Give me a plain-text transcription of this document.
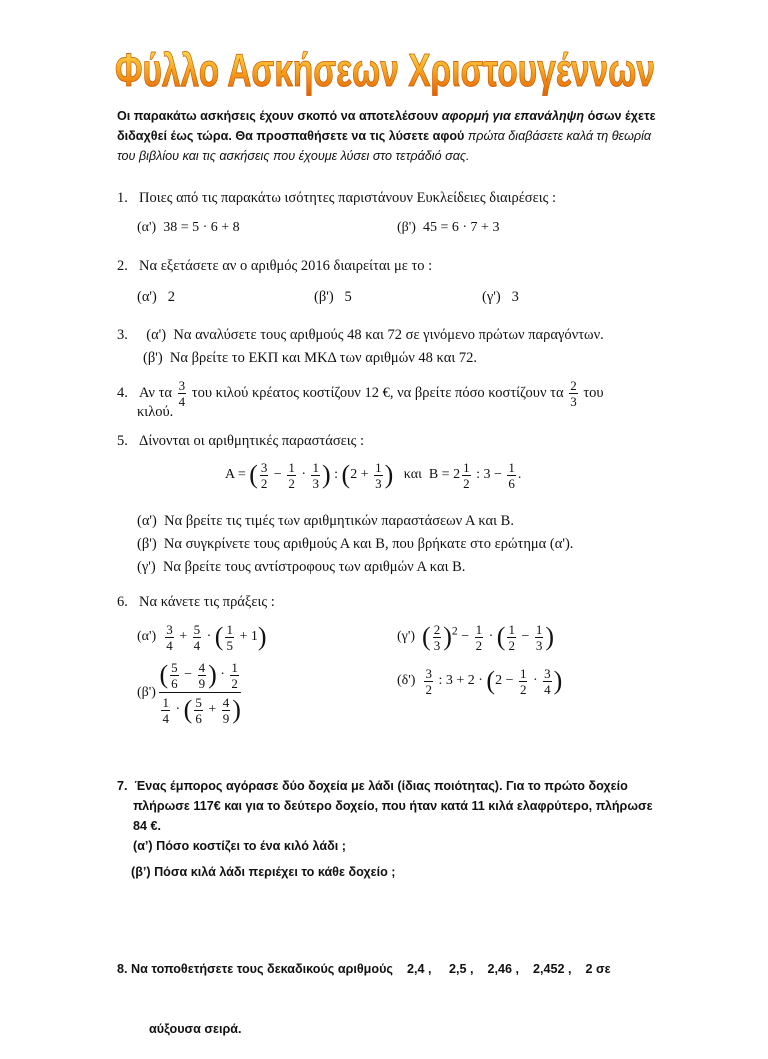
Φύλλο Ασκήσεων Χριστουγέννων
Οι παρακάτω ασκήσεις έχουν σκοπό να αποτελέσουν αφορμή για επανάληψη όσων έχετε διδαχθεί έως τώρα. Θα προσπαθήσετε να τις λύσετε αφού πρώτα διαβάσετε καλά τη θεωρία του βιβλίου και τις ασκήσεις που έχουμε λύσει στο τετράδιό σας.
1. Ποιες από τις παρακάτω ισότητες παριστάνουν Ευκλείδειες διαιρέσεις :
(α') 38 = 5 · 6 + 8	(β') 45 = 6 · 7 + 3
2. Να εξετάσετε αν ο αριθμός 2016 διαιρείται με το :
(α') 2	(β') 5	(γ') 3
3. (α') Να αναλύσετε τους αριθμούς 48 και 72 σε γινόμενο πρώτων παραγόντων.
(β') Να βρείτε το ΕΚΠ και ΜΚΔ των αριθμών 48 και 72.
4. Αν τα $\frac{3}{4}$ του κιλού κρέατος κοστίζουν 12 €, να βρείτε πόσο κοστίζουν τα $\frac{2}{3}$ του
κιλού.
5. Δίνονται οι αριθμητικές παραστάσεις :
Α = ( $\frac{3}{2} - \frac{1}{2} \cdot \frac{1}{3}$ ) : ($2 + \frac{1}{3}$ )   και  $B = 2 \frac{1}{2}$ : $3 - \frac{1}{6}$ .
(α') Να βρείτε τις τιμές των αριθμητικών παραστάσεων Α και Β.
(β') Να συγκρίνετε τους αριθμούς Α και Β, που βρήκατε στο ερώτημα (α').
(γ') Να βρείτε τους αντίστροφους των αριθμών Α και Β.
6. Να κάνετε τις πράξεις :
$(\alpha') \frac{3}{4} + \frac{5}{4}$ · ( $\frac{1}{5} + 1$)	(γ') ( $\frac{2}{3} )^2 - \frac{1}{2}$ · ( $\frac{1}{2} - \frac{1}{3}$ )
(β')

( $\frac{5}{6} - \frac{4}{9}$ ) · $\frac{1}{2}$
$\frac{1}{4}$ · ( $\frac{5}{6} + \frac{4}{9}$ )
$(\delta') \frac{3}{2}$ : $3 + 2 \cdot (2 - \frac{1}{2} \cdot \frac{3}{4}$ )
7. Ένας έμπορος αγόρασε δύο δοχεία με λάδι (ίδιας ποιότητας). Για το πρώτο δοχείο
πλήρωσε 117€ και για το δεύτερο δοχείο, που ήταν κατά 11 κιλά ελαφρύτερο, πλήρωσε
84 €.
(α’) Πόσο κοστίζει το ένα κιλό λάδι ;
(β’) Πόσα κιλά λάδι περιέχει το κάθε δοχείο ;

8. Να τοποθετήσετε τους δεκαδικούς αριθμούς    2,4 ,     2,5 ,    2,46 ,    2,452 ,    2 σε

αύξουσα σειρά.
